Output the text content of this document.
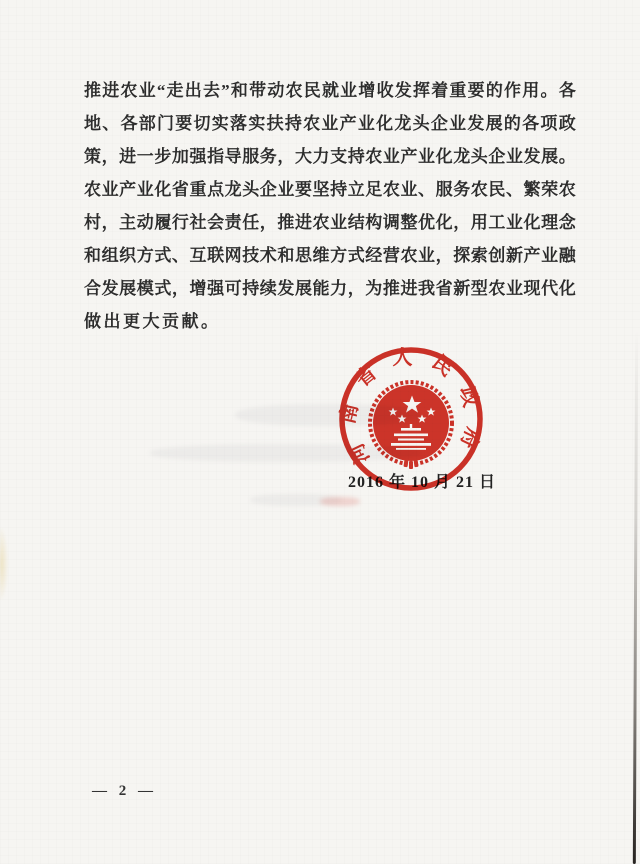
推进农业“走出去”和带动农民就业增收发挥着重要的作用。各
地、各部门要切实落实扶持农业产业化龙头企业发展的各项政
策，进一步加强指导服务，大力支持农业产业化龙头企业发展。
农业产业化省重点龙头企业要坚持立足农业、服务农民、繁荣农
村，主动履行社会责任，推进农业结构调整优化，用工业化理念
和组织方式、互联网技术和思维方式经营农业，探索创新产业融
合发展模式，增强可持续发展能力，为推进我省新型农业现代化
做出更大贡献。
2016 年 10 月 21 日
河南省人民政府
— 2 —
